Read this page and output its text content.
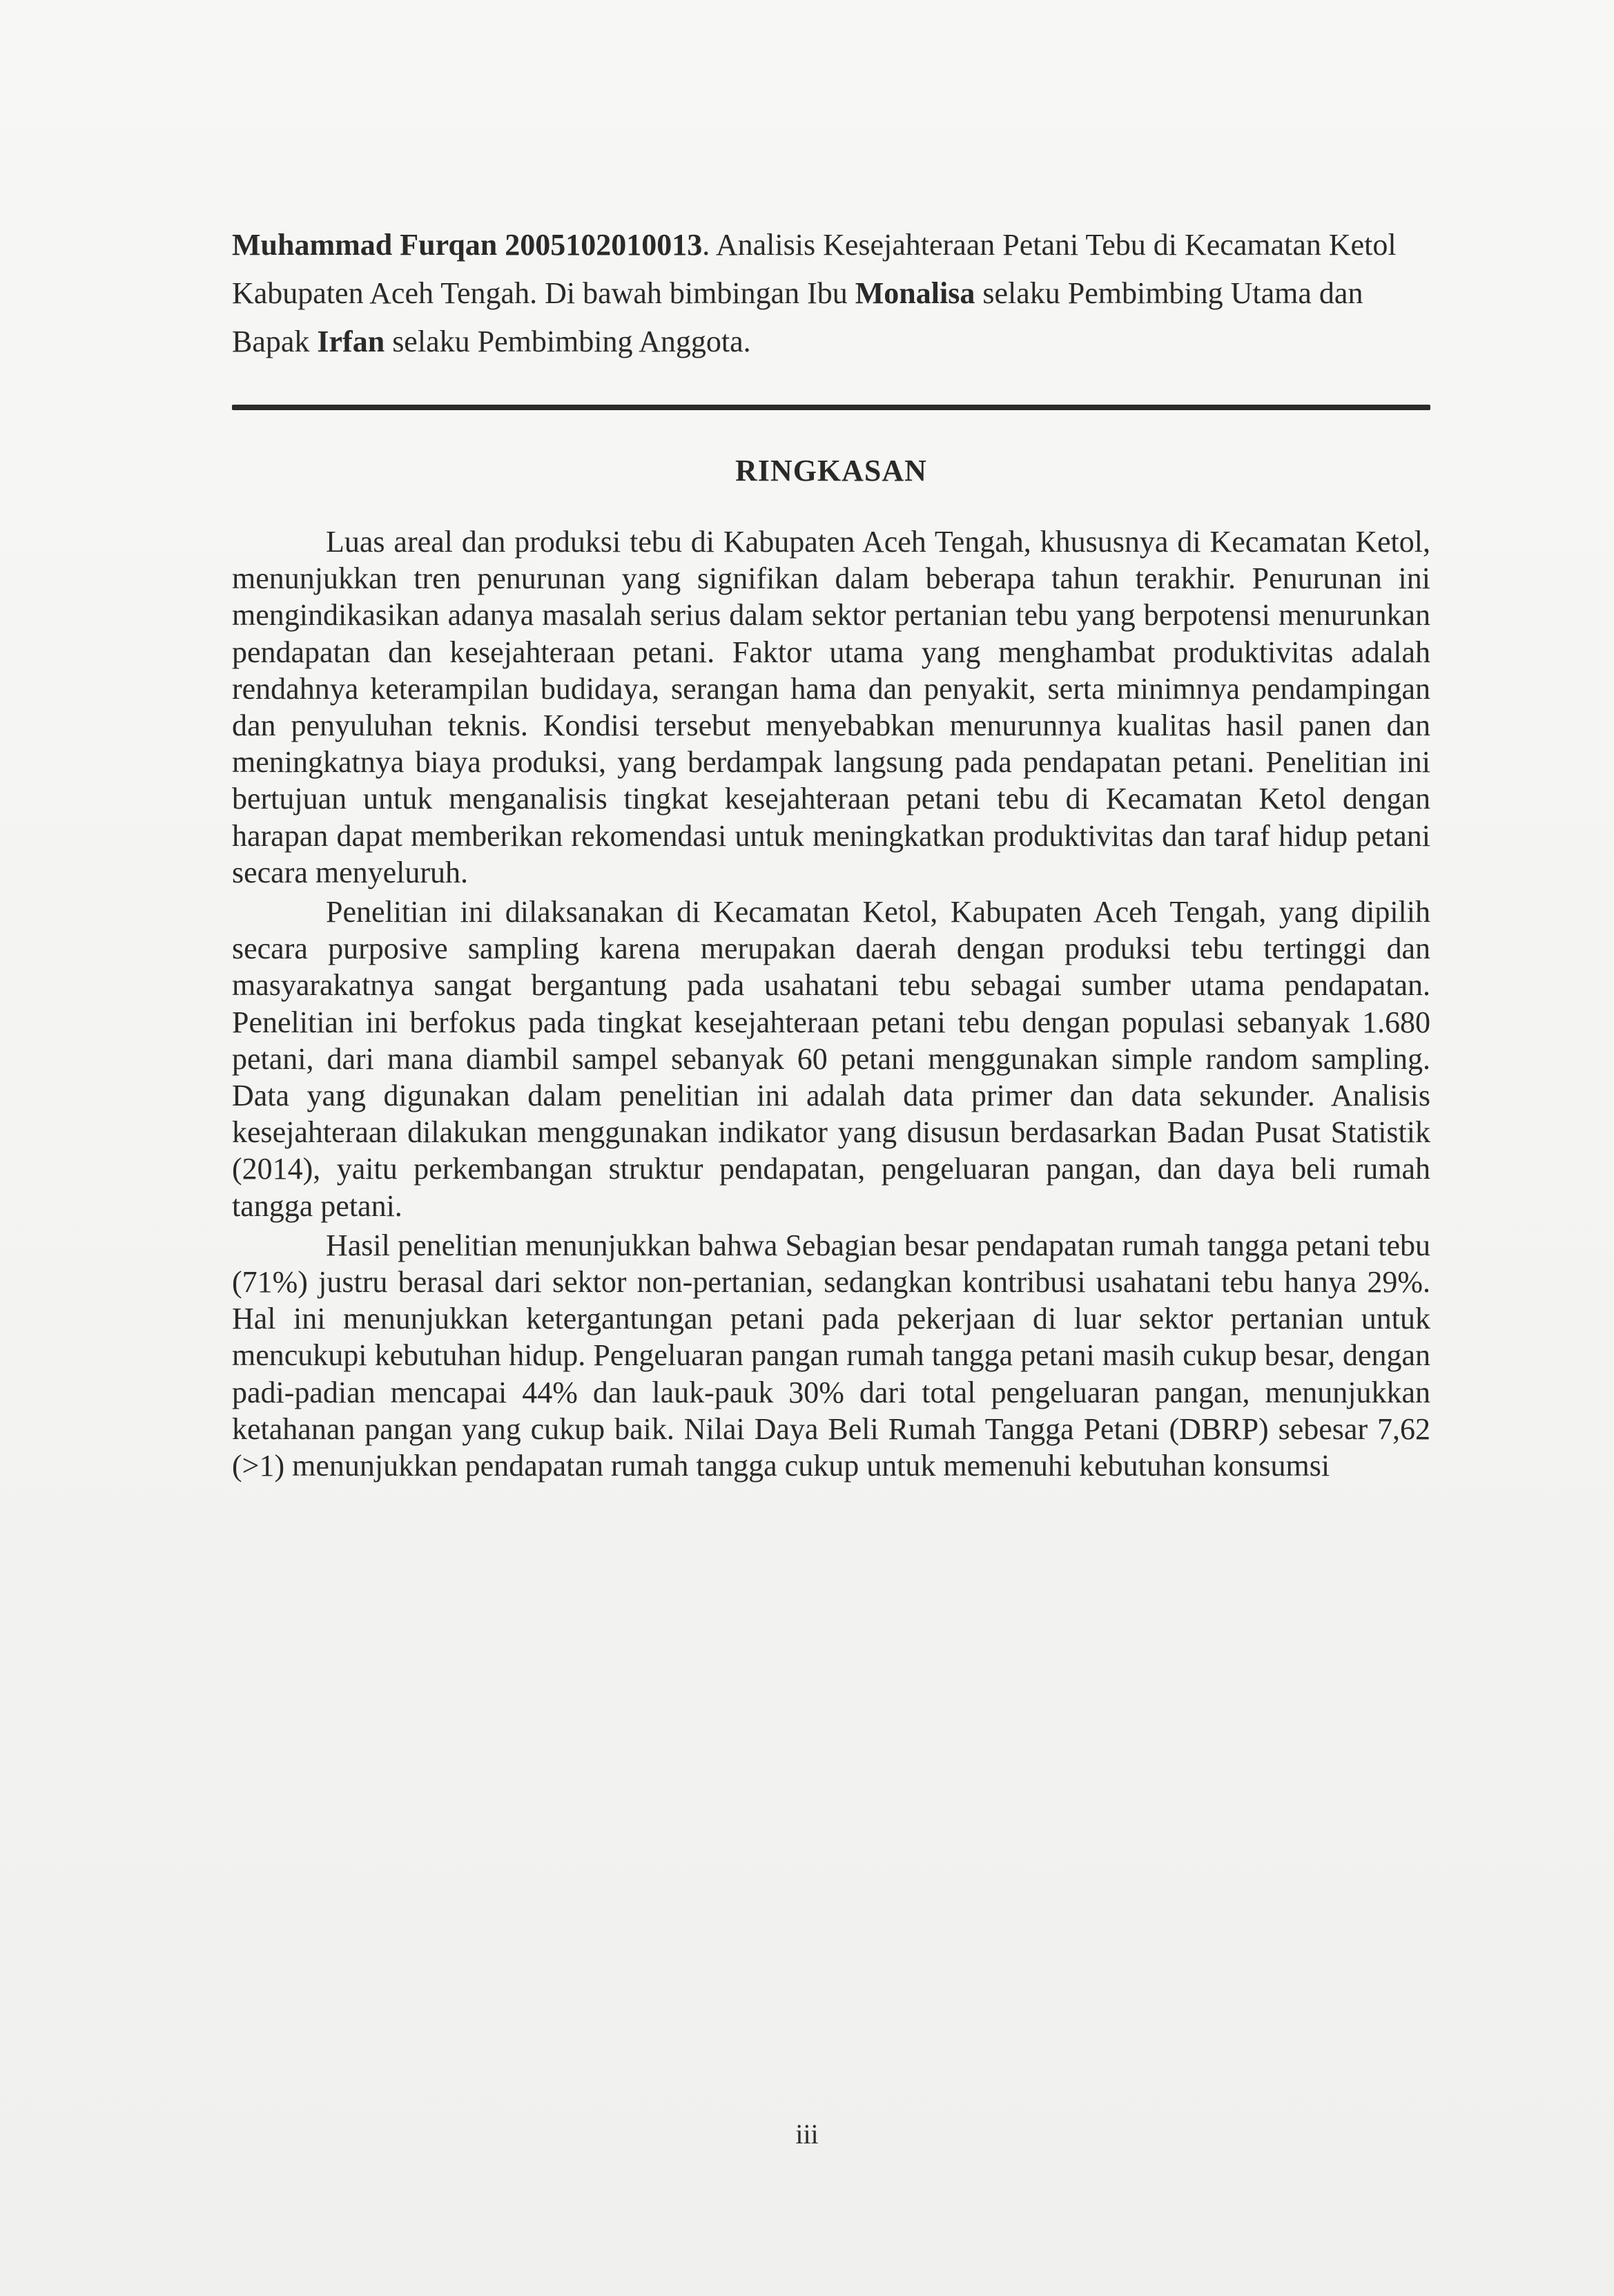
Muhammad Furqan 2005102010013. Analisis Kesejahteraan Petani Tebu di Kecamatan Ketol Kabupaten Aceh Tengah. Di bawah bimbingan Ibu Monalisa selaku Pembimbing Utama dan Bapak Irfan selaku Pembimbing Anggota.

RINGKASAN

Luas areal dan produksi tebu di Kabupaten Aceh Tengah, khususnya di Kecamatan Ketol, menunjukkan tren penurunan yang signifikan dalam beberapa tahun terakhir. Penurunan ini mengindikasikan adanya masalah serius dalam sektor pertanian tebu yang berpotensi menurunkan pendapatan dan kesejahteraan petani. Faktor utama yang menghambat produktivitas adalah rendahnya keterampilan budidaya, serangan hama dan penyakit, serta minimnya pendampingan dan penyuluhan teknis. Kondisi tersebut menyebabkan menurunnya kualitas hasil panen dan meningkatnya biaya produksi, yang berdampak langsung pada pendapatan petani. Penelitian ini bertujuan untuk menganalisis tingkat kesejahteraan petani tebu di Kecamatan Ketol dengan harapan dapat memberikan rekomendasi untuk meningkatkan produktivitas dan taraf hidup petani secara menyeluruh.

Penelitian ini dilaksanakan di Kecamatan Ketol, Kabupaten Aceh Tengah, yang dipilih secara purposive sampling karena merupakan daerah dengan produksi tebu tertinggi dan masyarakatnya sangat bergantung pada usahatani tebu sebagai sumber utama pendapatan. Penelitian ini berfokus pada tingkat kesejahteraan petani tebu dengan populasi sebanyak 1.680 petani, dari mana diambil sampel sebanyak 60 petani menggunakan simple random sampling. Data yang digunakan dalam penelitian ini adalah data primer dan data sekunder. Analisis kesejahteraan dilakukan menggunakan indikator yang disusun berdasarkan Badan Pusat Statistik (2014), yaitu perkembangan struktur pendapatan, pengeluaran pangan, dan daya beli rumah tangga petani.

Hasil penelitian menunjukkan bahwa Sebagian besar pendapatan rumah tangga petani tebu (71%) justru berasal dari sektor non-pertanian, sedangkan kontribusi usahatani tebu hanya 29%. Hal ini menunjukkan ketergantungan petani pada pekerjaan di luar sektor pertanian untuk mencukupi kebutuhan hidup. Pengeluaran pangan rumah tangga petani masih cukup besar, dengan padi-padian mencapai 44% dan lauk-pauk 30% dari total pengeluaran pangan, menunjukkan ketahanan pangan yang cukup baik. Nilai Daya Beli Rumah Tangga Petani (DBRP) sebesar 7,62 (>1) menunjukkan pendapatan rumah tangga cukup untuk memenuhi kebutuhan konsumsi

iii
